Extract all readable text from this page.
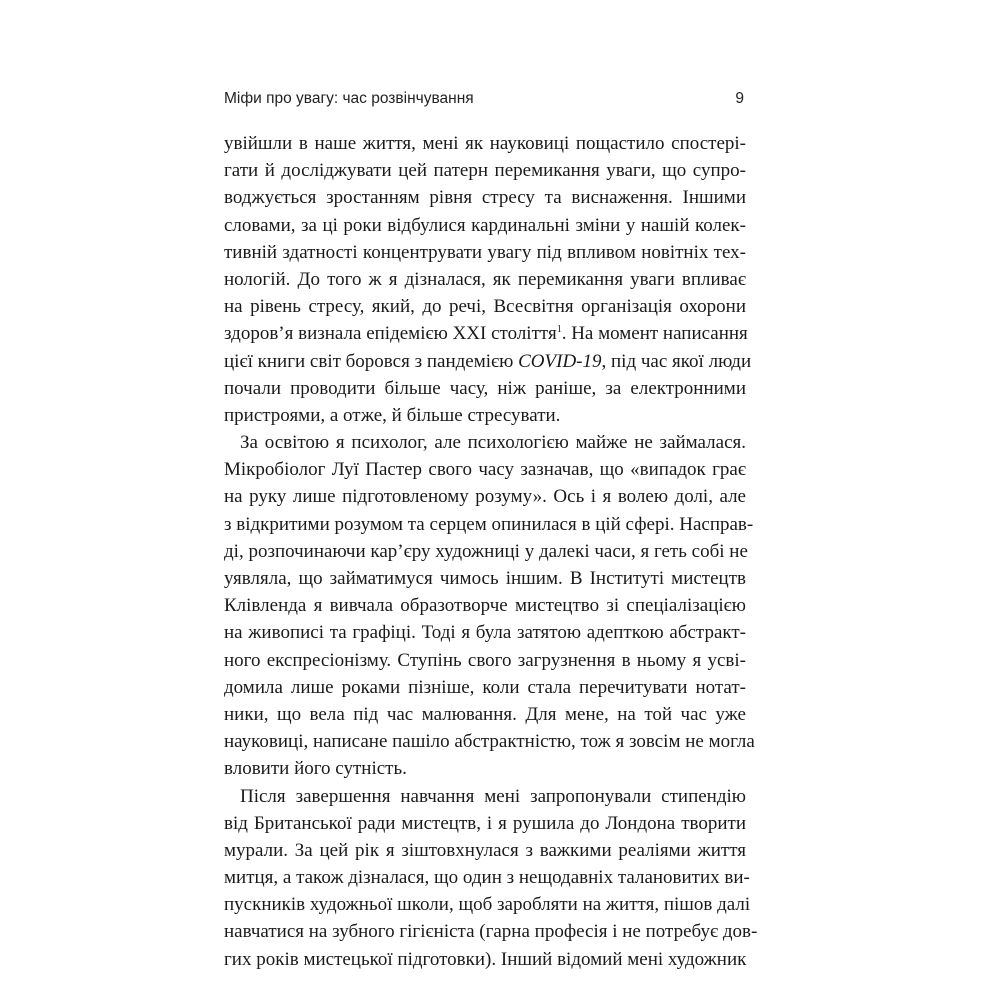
Міфи про увагу: час розвінчування	9
увійшли в наше життя, мені як науковиці пощастило спостері-
гати й досліджувати цей патерн перемикання уваги, що супро-
воджується зростанням рівня стресу та виснаження. Іншими
словами, за ці роки відбулися кардинальні зміни у нашій колек-
тивній здатності концентрувати увагу під впливом новітніх тех-
нологій. До того ж я дізналася, як перемикання уваги впливає
на рівень стресу, який, до речі, Всесвітня організація охорони
здоров’я визнала епідемією XXI століття$^1$. На момент написання
цієї книги світ боровся з пандемією COVID-19, під час якої люди
почали проводити більше часу, ніж раніше, за електронними
пристроями, а отже, й більше стресувати.
За освітою я психолог, але психологією майже не займалася.
Мікробіолог Луї Пастер свого часу зазначав, що «випадок грає
на руку лише підготовленому розуму». Ось і я волею долі, але
з відкритими розумом та серцем опинилася в цій сфері. Насправ-
ді, розпочинаючи кар’єру художниці у далекі часи, я геть собі не
уявляла, що займатимуся чимось іншим. В Інституті мистецтв
Клівленда я вивчала образотворче мистецтво зі спеціалізацією
на живописі та графіці. Тоді я була затятою адепткою абстракт-
ного експресіонізму. Ступінь свого загрузнення в ньому я усві-
домила лише роками пізніше, коли стала перечитувати нотат-
ники, що вела під час малювання. Для мене, на той час уже
науковиці, написане пашіло абстрактністю, тож я зовсім не могла
вловити його сутність.
Після завершення навчання мені запропонували стипендію
від Британської ради мистецтв, і я рушила до Лондона творити
мурали. За цей рік я зіштовхнулася з важкими реаліями життя
митця, а також дізналася, що один з нещодавніх талановитих ви-
пускників художньої школи, щоб заробляти на життя, пішов далі
навчатися на зубного гігієніста (гарна професія і не потребує дов-
гих років мистецької підготовки). Інший відомий мені художник
